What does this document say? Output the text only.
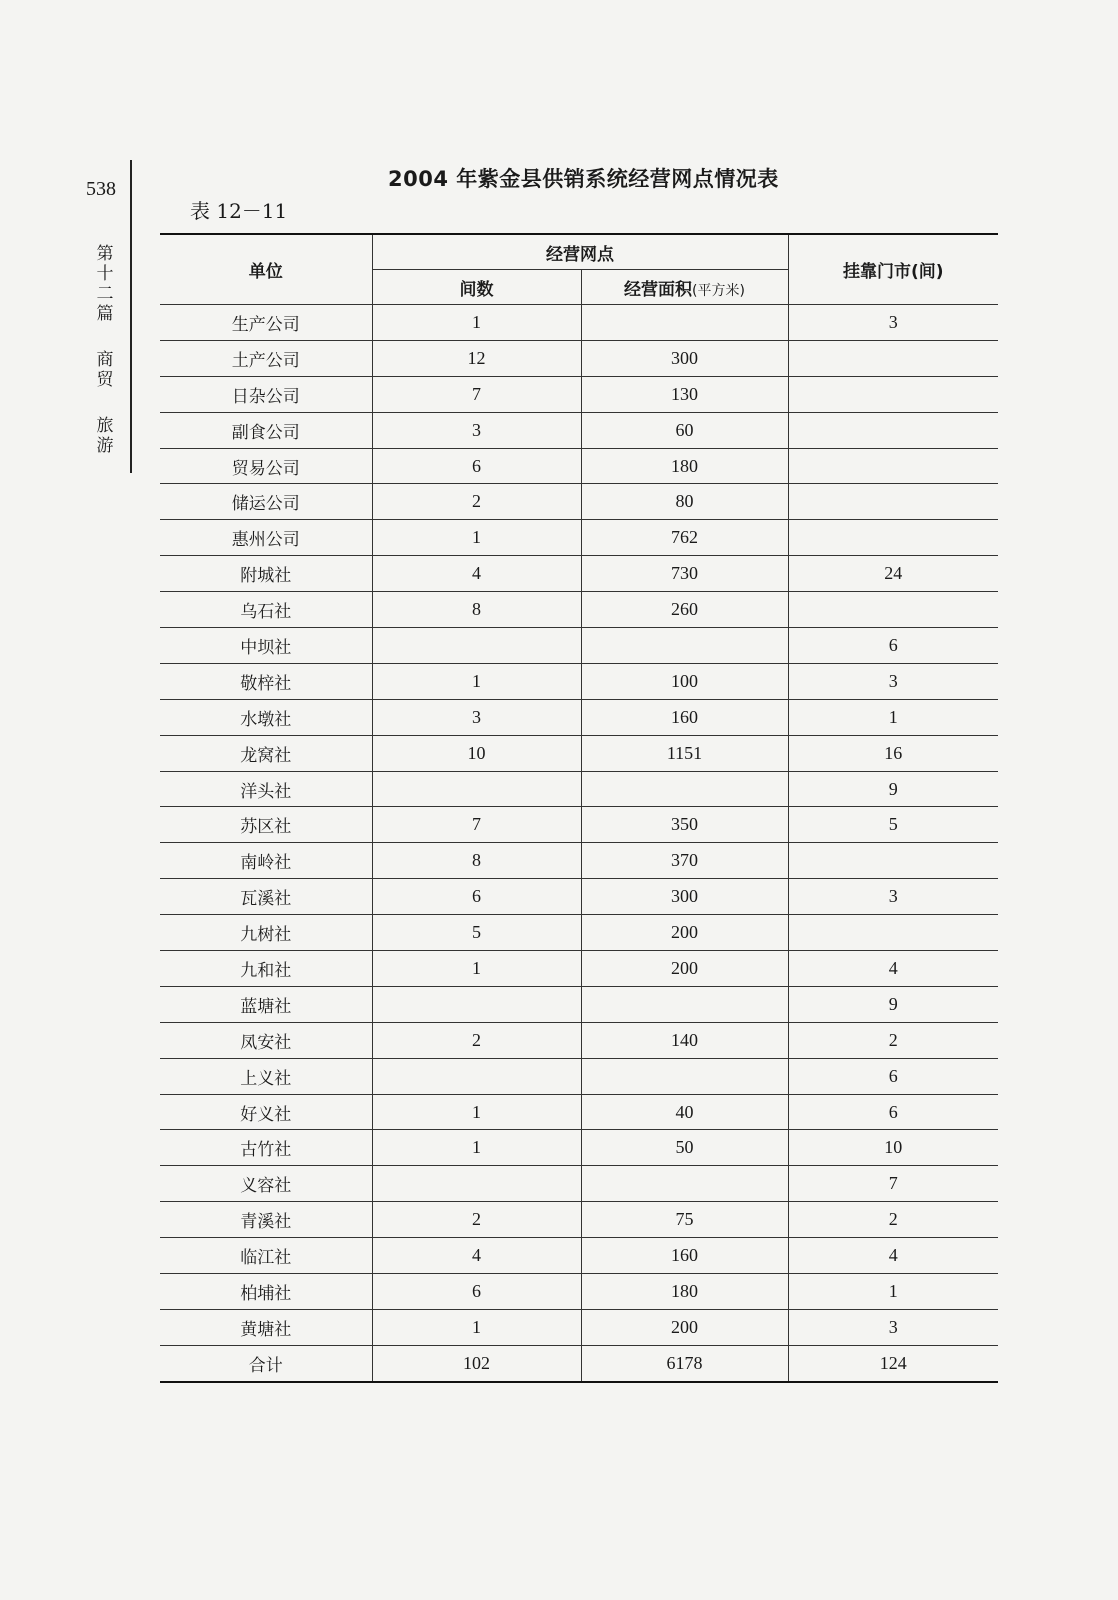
538
第
十
二
篇
商
贸
旅
游
2004 年紫金县供销系统经营网点情况表
表 12－11
单位	经营网点		挂靠门市(间)
	间数	经营面积(平方米)	
生产公司	1		3
土产公司	12	300	
日杂公司	7	130	
副食公司	3	60	
贸易公司	6	180	
储运公司	2	80	
惠州公司	1	762	
附城社	4	730	24
乌石社	8	260	
中坝社			6
敬梓社	1	100	3
水墩社	3	160	1
龙窝社	10	1151	16
洋头社			9
苏区社	7	350	5
南岭社	8	370	
瓦溪社	6	300	3
九树社	5	200	
九和社	1	200	4
蓝塘社			9
凤安社	2	140	2
上义社			6
好义社	1	40	6
古竹社	1	50	10
义容社			7
青溪社	2	75	2
临江社	4	160	4
柏埔社	6	180	1
黄塘社	1	200	3
合计	102	6178	124
